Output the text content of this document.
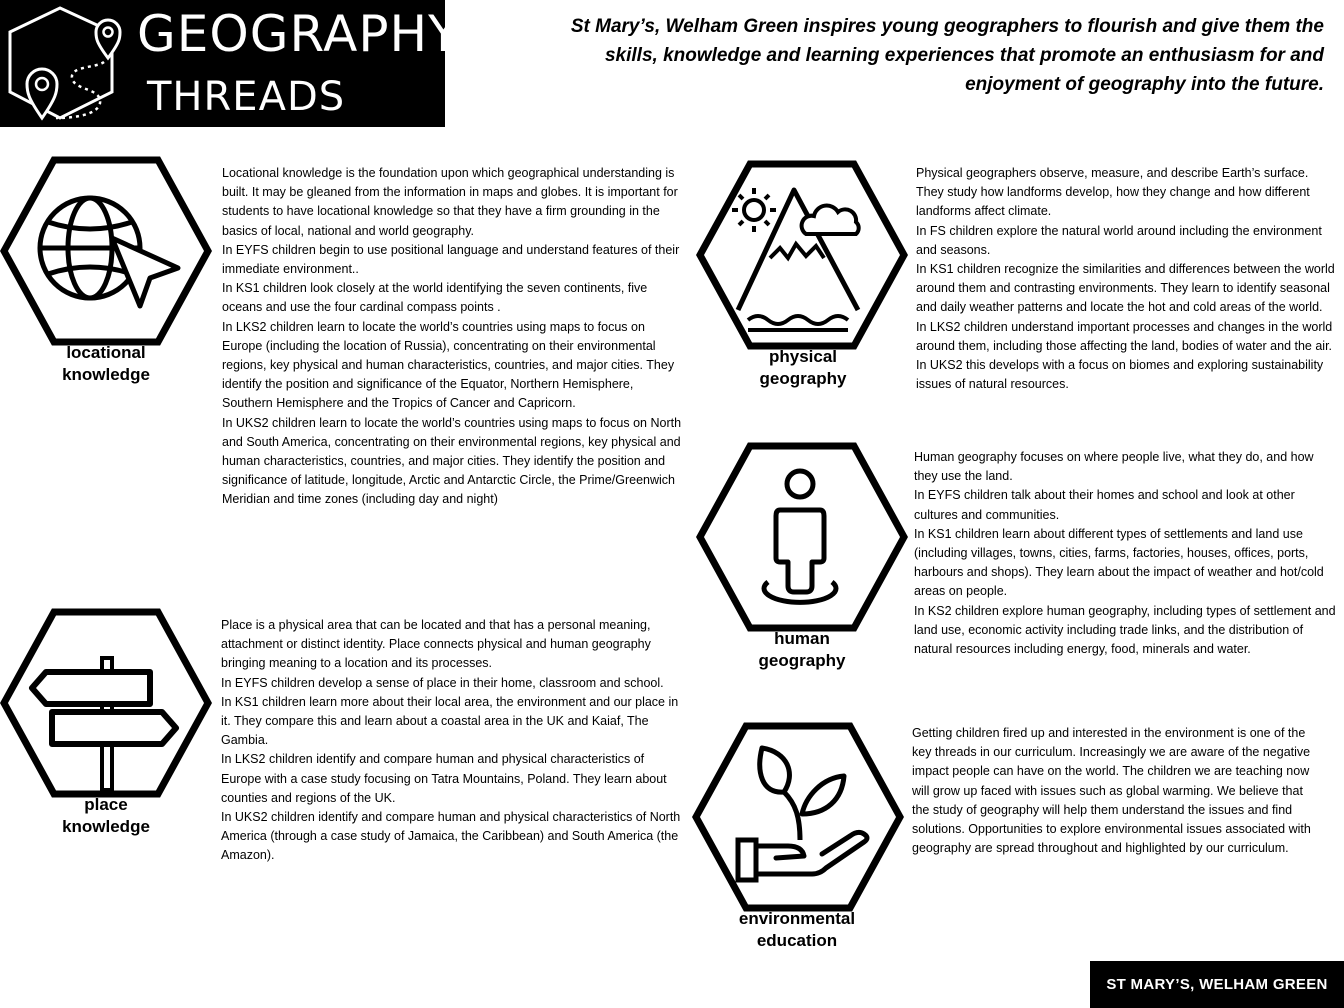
GEOGRAPHY
THREADS
St Mary’s, Welham Green inspires young geographers to flourish and give them the skills, knowledge and learning experiences that promote an enthusiasm for and enjoyment of geography into the future.
locational
knowledge

Locational knowledge is the foundation upon which geographical understanding is built. It may be gleaned from the information in maps and globes. It is important for students to have locational knowledge so that they have a firm grounding in the basics of local, national and world geography.

In EYFS children begin to use positional language and understand features of their immediate environment..

In KS1 children look closely at the world identifying the seven continents, five oceans and use the four cardinal compass points .

In LKS2 children learn to locate the world’s countries using maps to focus on Europe (including the location of Russia), concentrating on their environmental regions, key physical and human characteristics, countries, and major cities. They identify the position and significance of the Equator, Northern Hemisphere, Southern Hemisphere and the Tropics of Cancer and Capricorn.

In UKS2 children learn to locate the world’s countries using maps to focus on North and South America, concentrating on their environmental regions, key physical and human characteristics, countries, and major cities. They identify the position and significance of latitude, longitude, Arctic and Antarctic Circle, the Prime/Greenwich Meridian and time zones (including day and night)

place
knowledge

Place is a physical area that can be located and that has a personal meaning, attachment or distinct identity. Place connects physical and human geography bringing meaning to a location and its processes.

In EYFS children develop a sense of place in their home, classroom and school.

In KS1 children learn more about their local area, the environment and our place in it. They compare this and learn about a coastal area in the UK and Kaiaf, The Gambia.

In LKS2 children identify and compare human and physical characteristics of Europe with a case study focusing on Tatra Mountains, Poland. They learn about counties and regions of the UK.

In UKS2 children identify and compare human and physical characteristics of North America (through a case study of Jamaica, the Caribbean) and South America (the Amazon).

physical
geography

Physical geographers observe, measure, and describe Earth’s surface. They study how landforms develop, how they change and how different landforms affect climate.

In FS children explore the natural world around including the environment and seasons.

In KS1 children recognize the similarities and differences between the world around them and contrasting environments. They learn to identify seasonal and daily weather patterns and locate the hot and cold areas of the world.

In LKS2 children understand important processes and changes in the world around them, including those affecting the land, bodies of water and the air.

In UKS2 this develops with a focus on biomes and exploring sustainability issues of natural resources.

human
geography

Human geography focuses on where people live, what they do, and how they use the land.

In EYFS children talk about their homes and school and look at other cultures and communities.

In KS1 children learn about different types of settlements and land use (including villages, towns, cities, farms, factories, houses, offices, ports, harbours and shops). They learn about the impact of weather and hot/cold areas on people.

In KS2 children explore human geography, including types of settlement and land use, economic activity including trade links, and the distribution of natural resources including energy, food, minerals and water.

environmental
education

Getting children fired up and interested in the environment is one of the key threads in our curriculum. Increasingly we are aware of the negative impact people can have on the world. The children we are teaching now will grow up faced with issues such as global warming. We believe that the study of geography will help them understand the issues and find solutions. Opportunities to explore environmental issues associated with geography are spread throughout and highlighted by our curriculum.

ST MARY’S, WELHAM GREEN
